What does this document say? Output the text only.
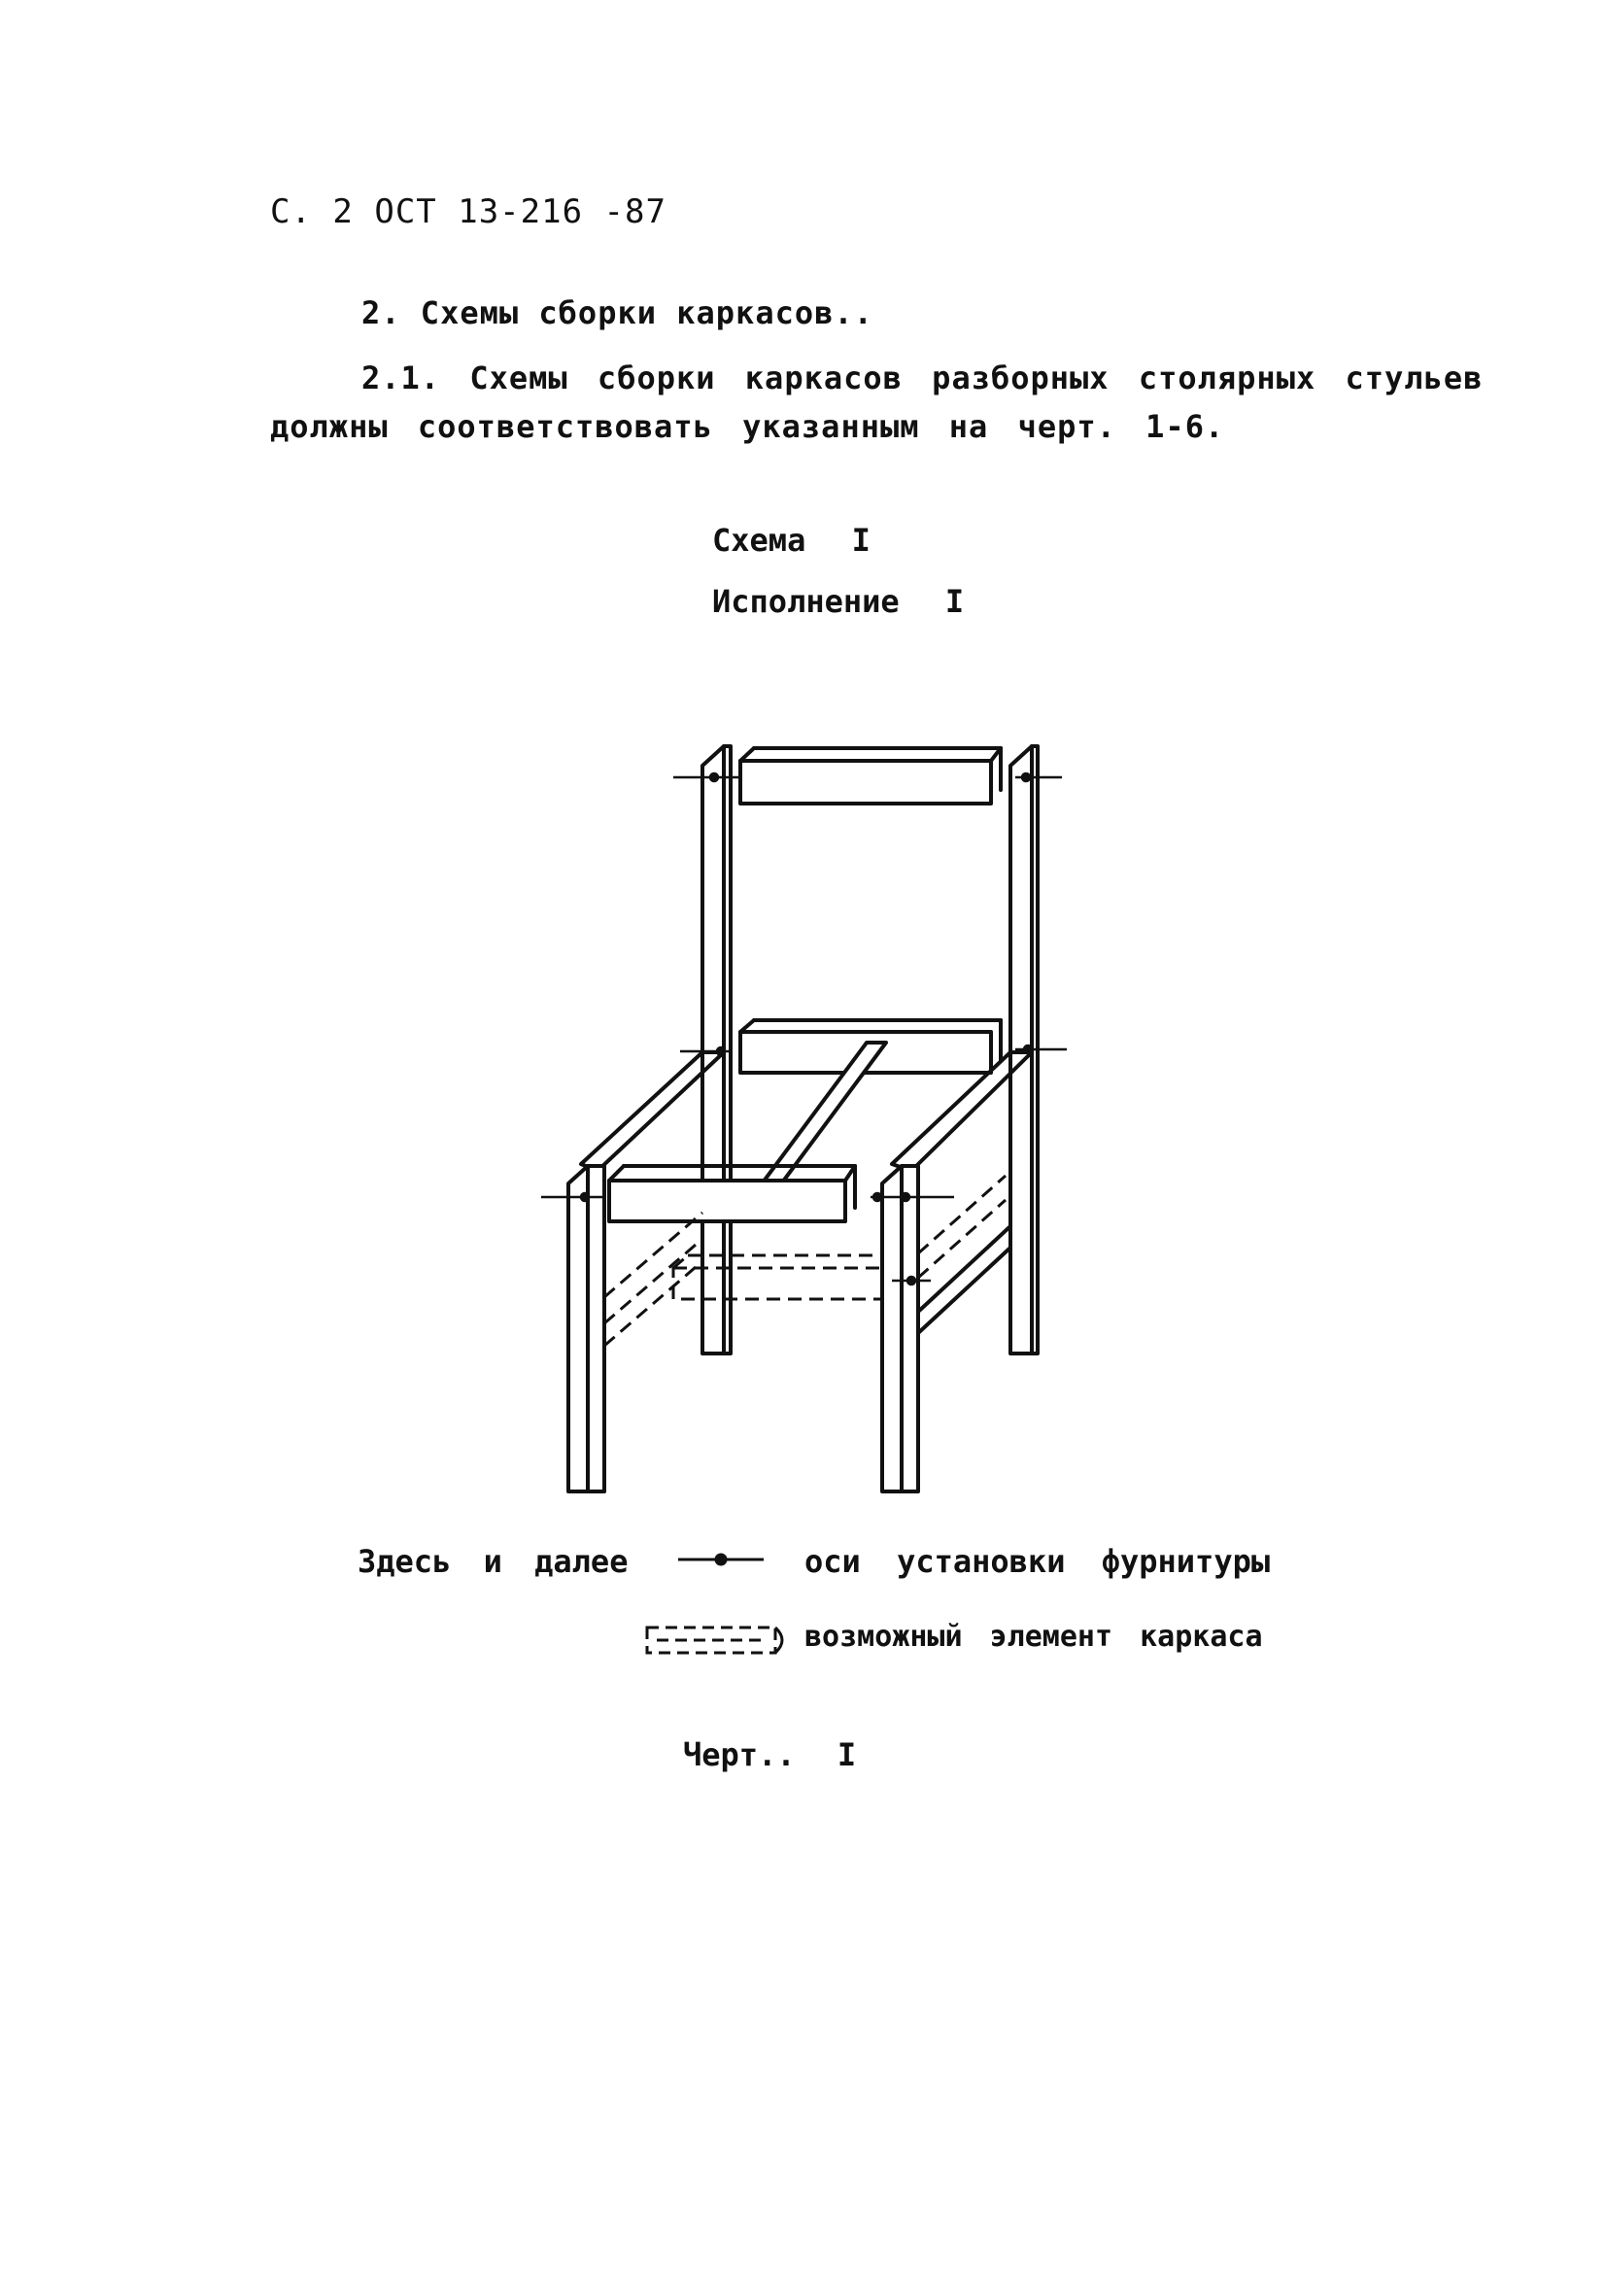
С. 2 ОСТ 13-216 -87
2. Схемы сборки каркасов..
2.1. Схемы сборки каркасов разборных столярных стульев
должны соответствовать указанным на черт. 1-6.
Схема I
Исполнение I
Здесь и далее	оси установки фурнитуры
возможный элемент каркаса
Черт.. I
